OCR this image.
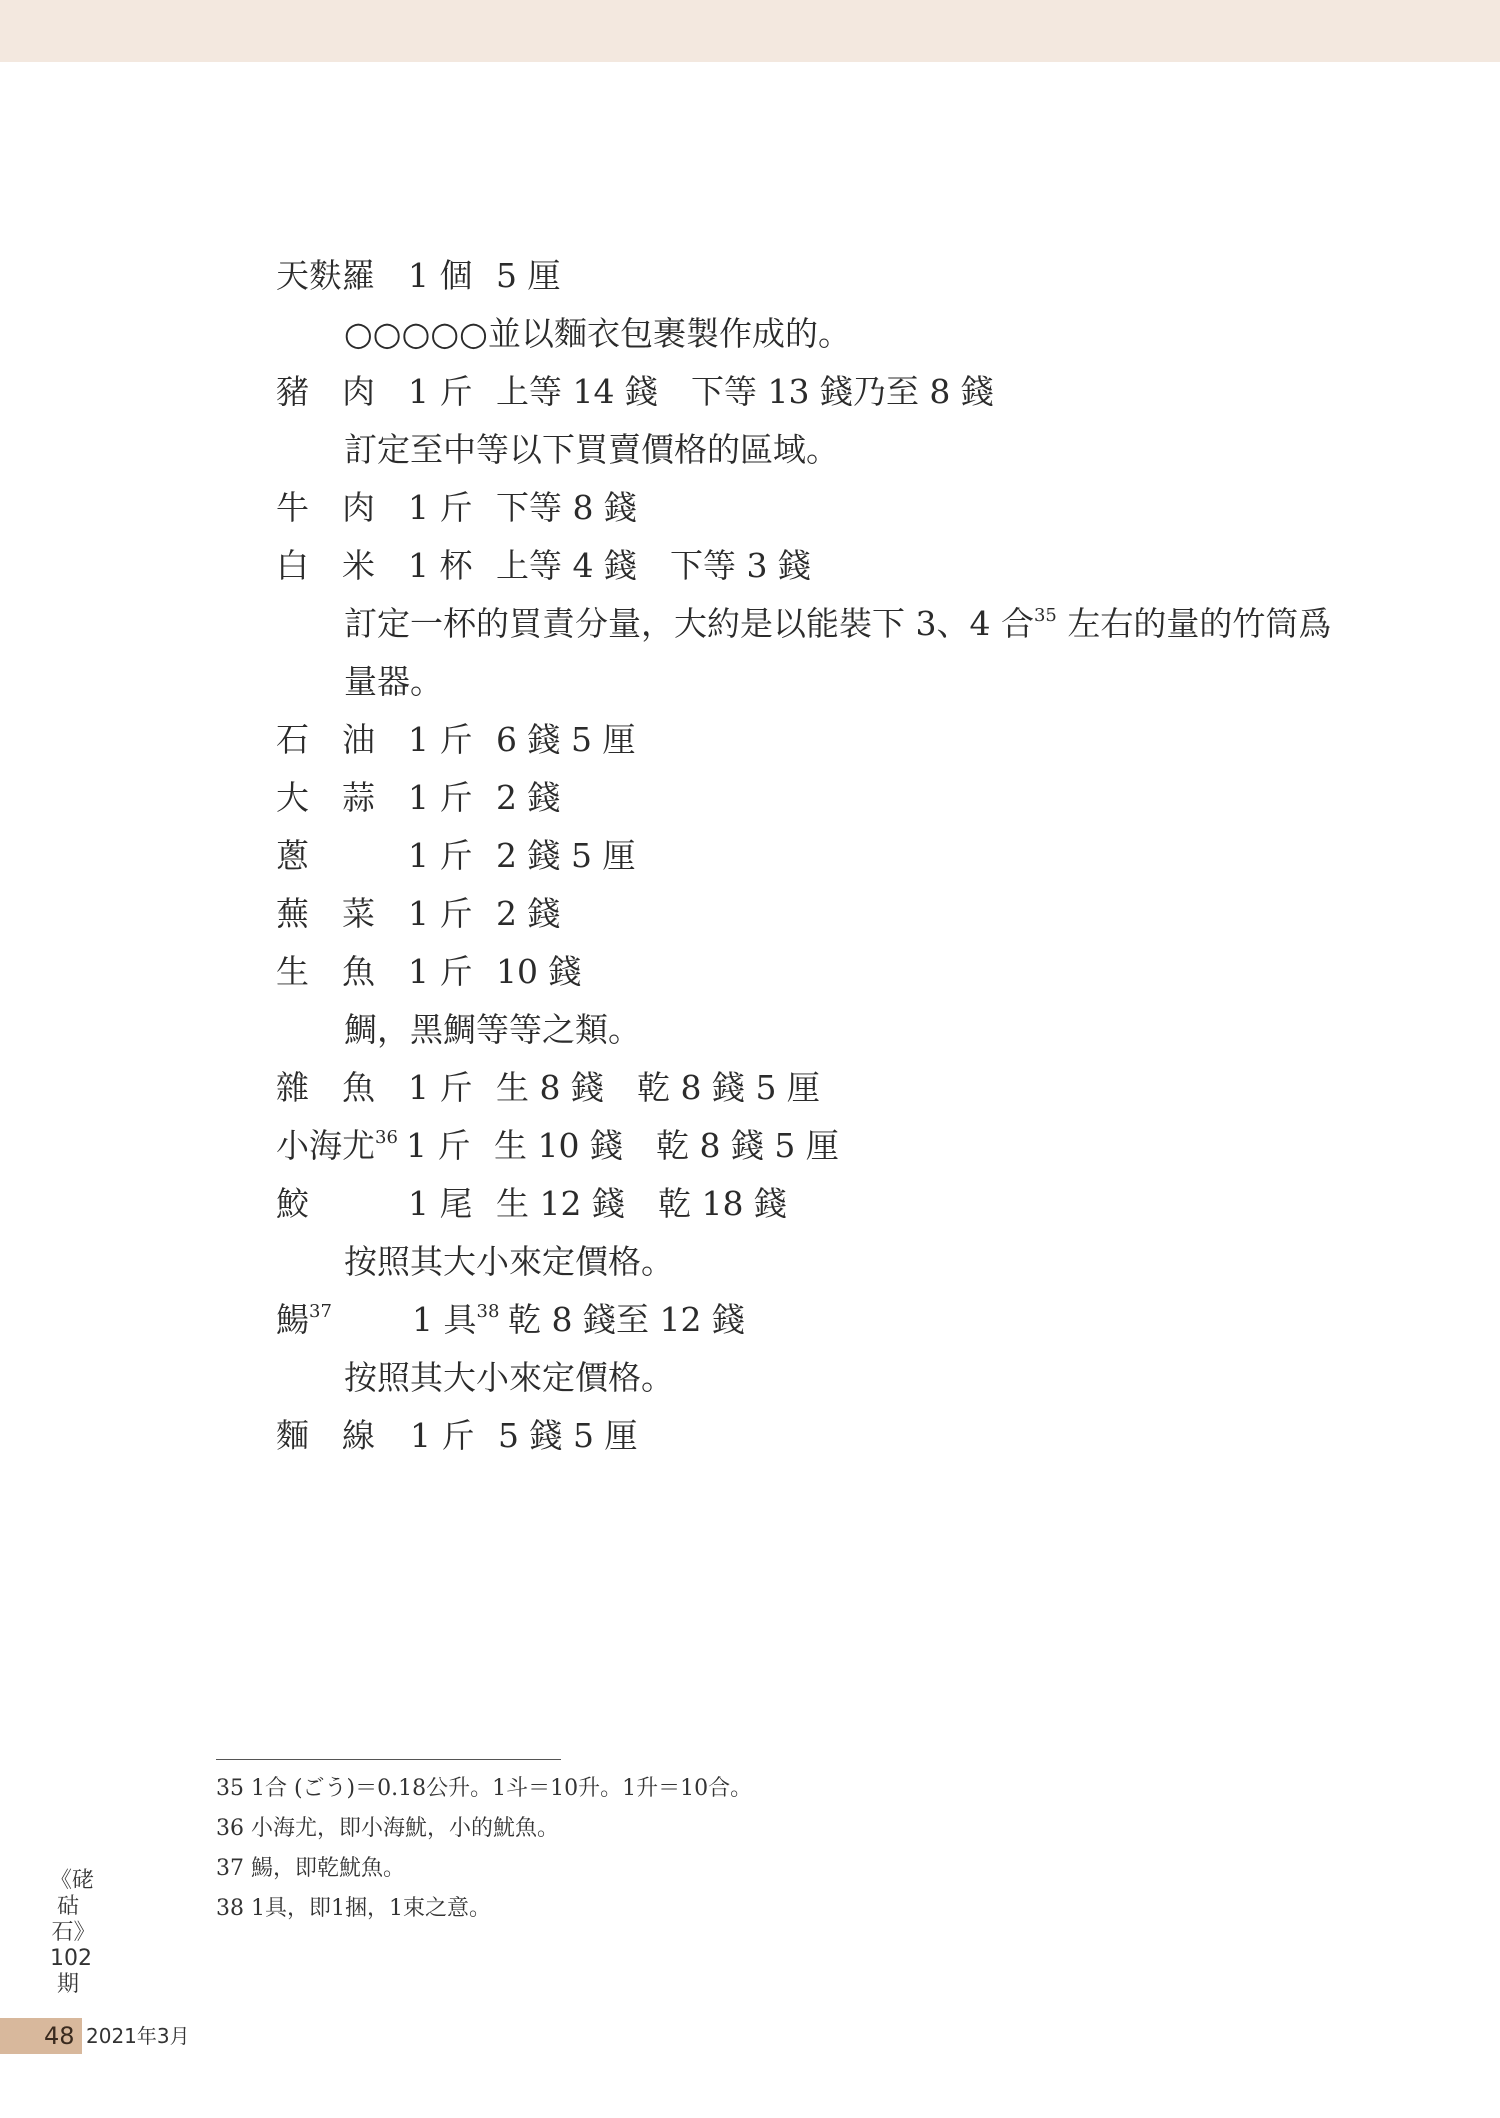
天麩羅 1 個 5 厘
○○○○○並以麵衣包裹製作成的。
豬　肉 1 斤 上等 14 錢　下等 13 錢乃至 8 錢
訂定至中等以下買賣價格的區域。
牛　肉 1 斤 下等 8 錢
白　米 1 杯 上等 4 錢　下等 3 錢
訂定一杯的買責分量，大約是以能裝下 3、4 合$^{35}$ 左右的量的竹筒爲
量器。
石　油 1 斤 6 錢 5 厘
大　蒜 1 斤 2 錢
蔥	1 斤 2 錢 5 厘
蕪　菜 1 斤 2 錢
生　魚 1 斤 10 錢
鯛，黑鯛等等之類。
雜　魚 1 斤 生 8 錢　乾 8 錢 5 厘
小海尤$^{36}$ 1 斤 生 10 錢　乾 8 錢 5 厘
鮫	1 尾 生 12 錢　乾 18 錢
按照其大小來定價格。
鰑$^{37}$ 1 具$^{38}$ 乾 8 錢至 12 錢
按照其大小來定價格。
麵　線 1 斤 5 錢 5 厘
35 1合 (ごう)＝0.18公升。1斗＝10升。1升＝10合。
36 小海尤，即小海魷，小的魷魚。
37 鰑，即乾魷魚。
38 1具，即1捆，1束之意。
《硓𥑮石》102期
48 2021年3月
